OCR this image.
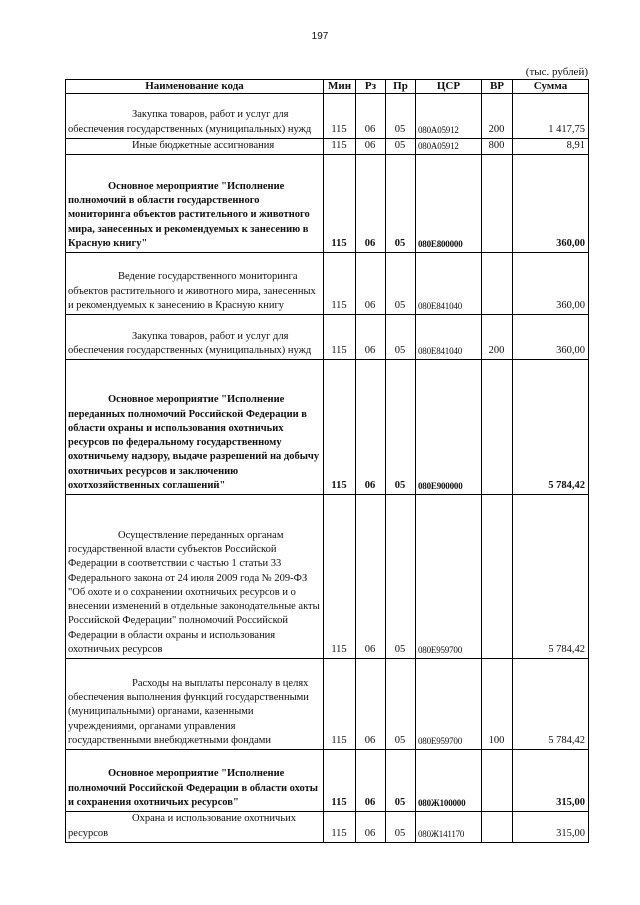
197
(тыс. рублей)
Наименование кода	Мин	Рз	Пр	ЦСР	ВР	Сумма
Закупка товаров, работ и услуг для обеспечения государственных (муниципальных) нужд	115	06	05	080А05912	200	1 417,75
Иные бюджетные ассигнования	115	06	05	080А05912	800	8,91
Основное мероприятие "Исполнение полномочий в области государственного мониторинга объектов растительного и животного мира, занесенных и рекомендуемых к занесению в Красную книгу"	115	06	05	080Е800000		360,00
Ведение государственного мониторинга объектов растительного и животного мира, занесенных и рекомендуемых к занесению в Красную книгу	115	06	05	080Е841040		360,00
Закупка товаров, работ и услуг для обеспечения государственных (муниципальных) нужд	115	06	05	080Е841040	200	360,00
Основное мероприятие "Исполнение переданных полномочий Российской Федерации в области охраны и использования охотничьих ресурсов по федеральному государственному охотничьему надзору, выдаче разрешений на добычу охотничьих ресурсов и заключению охотхозяйственных соглашений"	115	06	05	080Е900000		5 784,42
Осуществление переданных органам государственной власти субъектов Российской Федерации в соответствии с частью 1 статьи 33 Федерального закона от 24 июля 2009 года № 209-ФЗ "Об охоте и о сохранении охотничьих ресурсов и о внесении изменений в отдельные законодательные акты Российской Федерации" полномочий Российской Федерации в области охраны и использования охотничьих ресурсов	115	06	05	080Е959700		5 784,42
Расходы на выплаты персоналу в целях обеспечения выполнения функций государственными (муниципальными) органами, казенными учреждениями, органами управления государственными внебюджетными фондами	115	06	05	080Е959700	100	5 784,42
Основное мероприятие "Исполнение полномочий Российской Федерации в области охоты и сохранения охотничьих ресурсов"	115	06	05	080Ж100000		315,00
Охрана и использование охотничьих ресурсов	115	06	05	080Ж141170		315,00
